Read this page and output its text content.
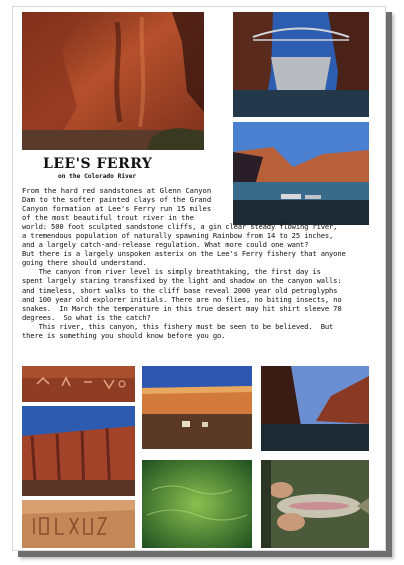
LEE'S FERRY
on the Colorado River

From the hard red sandstones at Glenn Canyon

Dam to the softer painted clays of the Grand

Canyon formation at Lee's Ferry run 15 miles

of the most beautiful trout river in the

world: 500 foot sculpted sandstone cliffs, a gin clear steady flowing river,

a tremendous population of naturally spawning Rainbow from 14 to 25 inches,

and a largely catch-and-release regulation. What more could one want?

But there is a largely unspoken asterix on the Lee's Ferry fishery that anyone

going there should understand.

The canyon from river level is simply breathtaking, the first day is

spent largely staring transfixed by the light and shadow on the canyon walls:

and timeless, short walks to the cliff base reveal 2000 year old petroglyphs

and 100 year old explorer initials. There are no flies, no biting insects, no

snakes.  In March the temperature in this true desert may hit shirt sleeve 70

degrees.  So what is the catch?

This river, this canyon, this fishery must be seen to be believed.  But

there is something you should know before you go.
